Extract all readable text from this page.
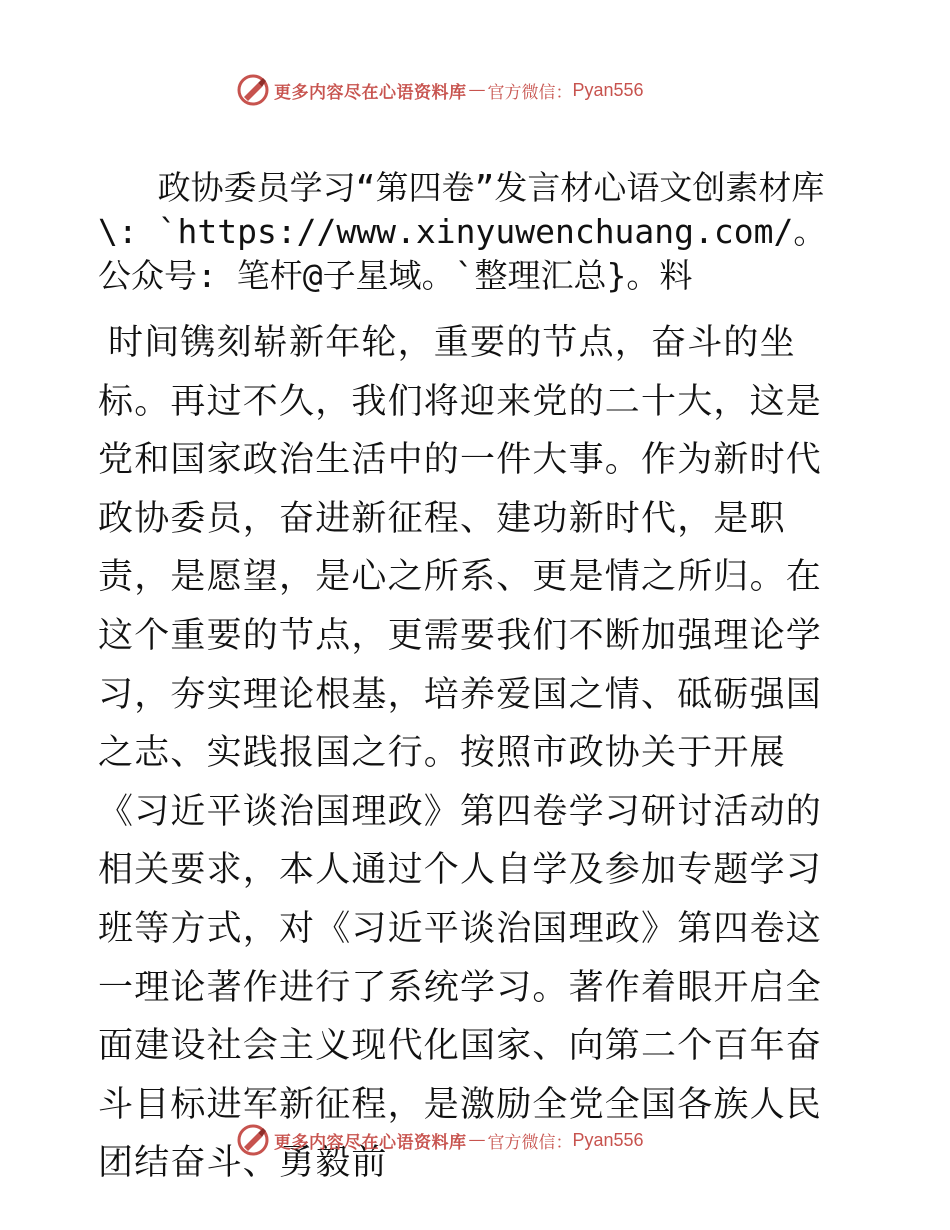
更多内容尽在心语资料库 — 官方微信： Pyan556

政协委员学习“第四卷”发言材心语文创素材库\: `https://www.xinyuwenchuang.com/。公众号: 笔杆@子星域。`整理汇总}。料

时间镌刻崭新年轮，重要的节点，奋斗的坐标。再过不久，我们将迎来党的二十大，这是党和国家政治生活中的一件大事。作为新时代政协委员，奋进新征程、建功新时代，是职责，是愿望，是心之所系、更是情之所归。在这个重要的节点，更需要我们不断加强理论学习，夯实理论根基，培养爱国之情、砥砺强国之志、实践报国之行。按照市政协关于开展《习近平谈治国理政》第四卷学习研讨活动的相关要求，本人通过个人自学及参加专题学习班等方式，对《习近平谈治国理政》第四卷这一理论著作进行了系统学习。著作着眼开启全面建设社会主义现代化国家、向第二个百年奋斗目标进军新征程，是激励全党全国各族人民团结奋斗、勇毅前
更多内容尽在心语资料库 — 官方微信： Pyan556
